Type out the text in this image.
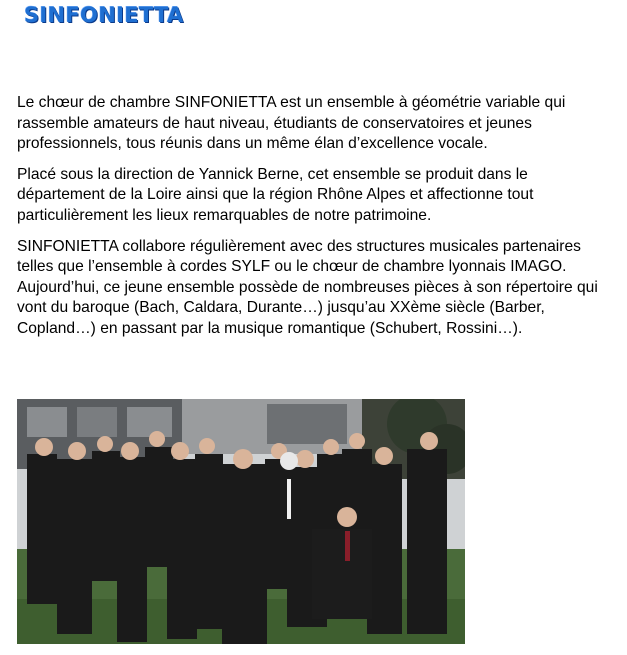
SINFONIETTA

Le chœur de chambre SINFONIETTA est un ensemble à géométrie variable qui rassemble amateurs de haut niveau, étudiants de conservatoires et jeunes professionnels, tous réunis dans un même élan d’excellence vocale.

Placé sous la direction de Yannick Berne, cet ensemble se produit dans le département de la Loire ainsi que la région Rhône Alpes et affectionne tout particulièrement les lieux remarquables de notre patrimoine.

SINFONIETTA collabore régulièrement avec des structures musicales partenaires telles que l’ensemble à cordes SYLF ou le chœur de chambre lyonnais IMAGO. Aujourd’hui, ce jeune ensemble possède de nombreuses pièces à son répertoire qui vont du baroque (Bach, Caldara, Durante…) jusqu’au XXème siècle (Barber, Copland…) en passant par la musique romantique (Schubert, Rossini…).
